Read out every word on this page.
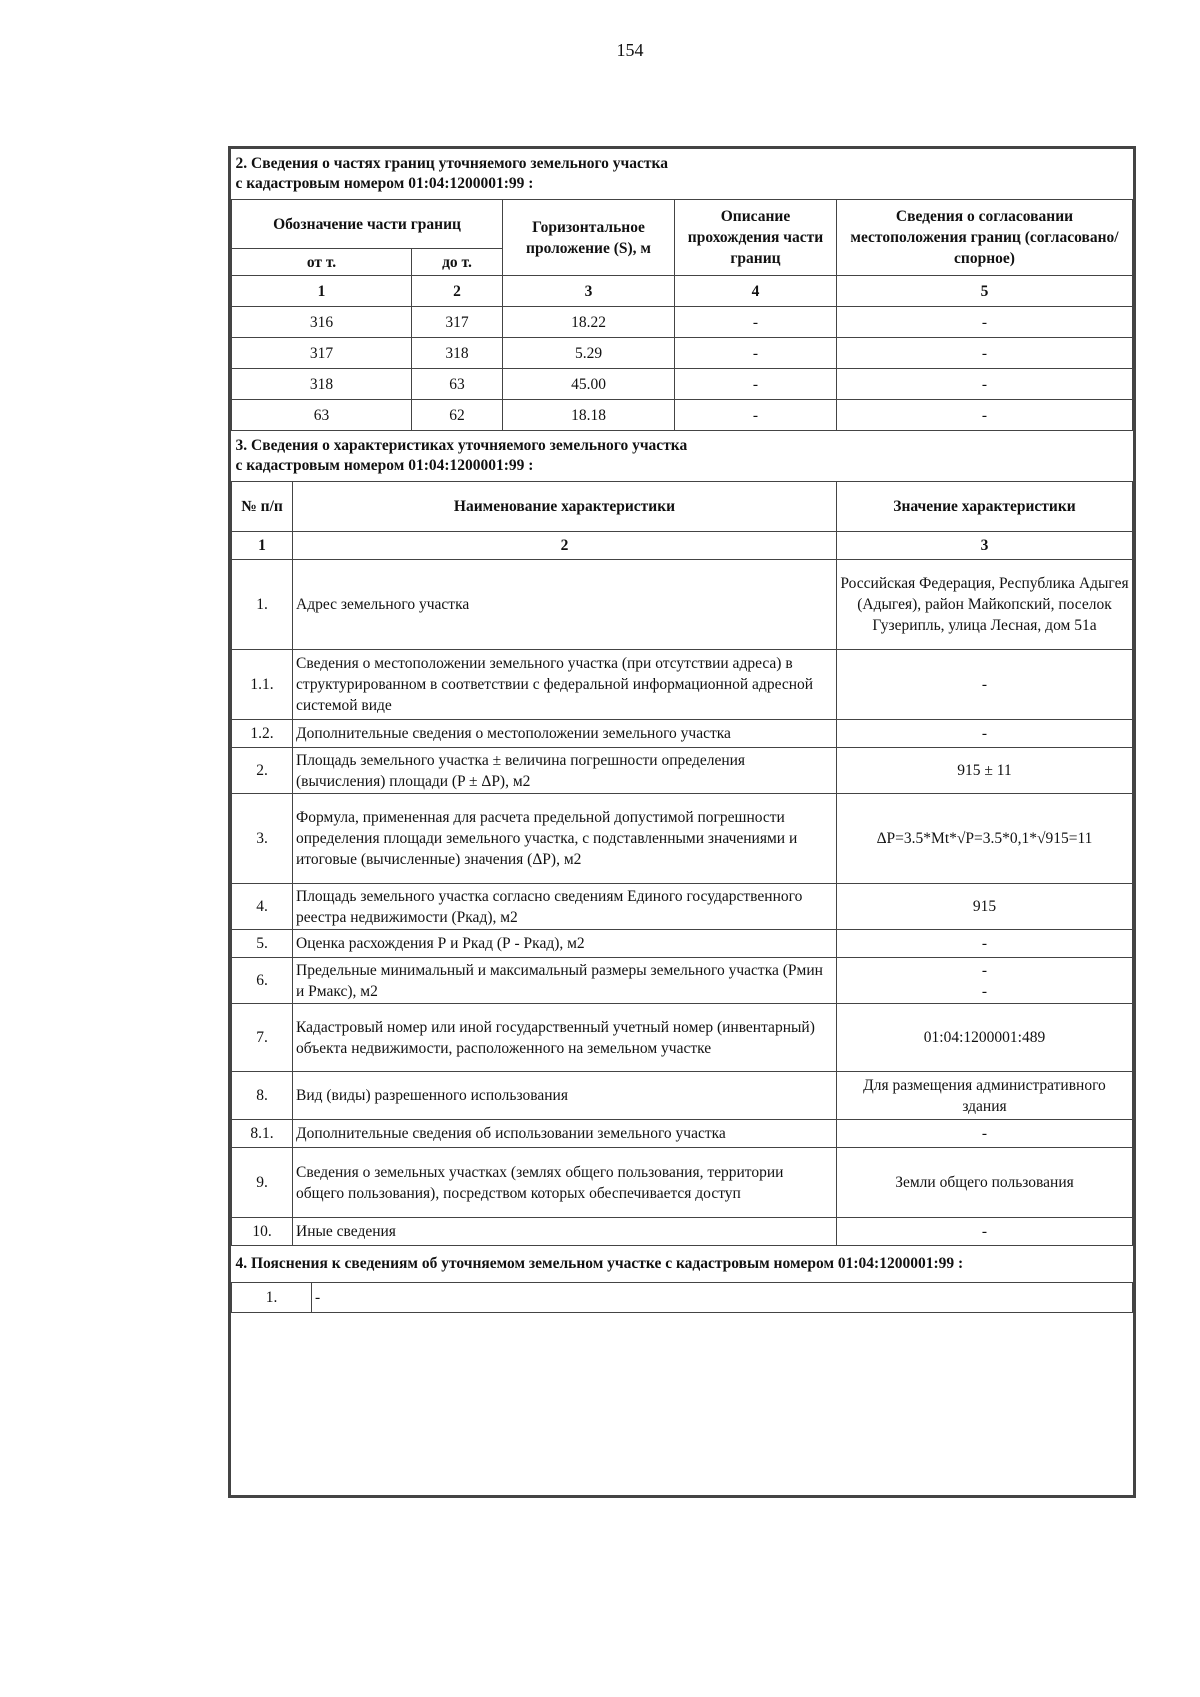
154
2. Сведения о частях границ уточняемого земельного участка
с кадастровым номером 01:04:1200001:99 :				

Обозначение части границ		Горизонтальное проложение (S), м	Описание прохождения части границ	Сведения о согласовании местоположения границ (согласовано/спорное)
от т.	до т.			
1	2	3	4	5
316	317	18.22	-	-
317	318	5.29	-	-
318	63	45.00	-	-
63	62	18.18	-	-
3. Сведения о характеристиках уточняемого земельного участка
с кадастровым номером 01:04:1200001:99 :		

№ п/п	Наименование характеристики	Значение характеристики
1	2	3
1.	Адрес земельного участка	Российская Федерация, Республика Адыгея (Адыгея), район Майкопский, поселок Гузерипль, улица Лесная, дом 51а
1.1.	Сведения о местоположении земельного участка (при отсутствии адреса) в структурированном в соответствии с федеральной информационной адресной системой виде	-
1.2.	Дополнительные сведения о местоположении земельного участка	-
2.	Площадь земельного участка ± величина погрешности определения (вычисления) площади (P ± ΔP), м2	915 ± 11
3.	Формула, примененная для расчета предельной допустимой погрешности определения площади земельного участка, с подставленными значениями и итоговые (вычисленные) значения (ΔP), м2	ΔP=3.5*Mt*√P=3.5*0,1*√915=11
4.	Площадь земельного участка согласно сведениям Единого государственного реестра недвижимости (Ркад), м2	915
5.	Оценка расхождения Р и Ркад (Р - Ркад), м2	-
6.	Предельные минимальный и максимальный размеры земельного участка (Рмин и Рмакс), м2	-
-

7.	Кадастровый номер или иной государственный учетный номер (инвентарный) объекта недвижимости, расположенного на земельном участке	01:04:1200001:489
8.	Вид (виды) разрешенного использования	Для размещения административного здания
8.1.	Дополнительные сведения об использовании земельного участка	-
9.	Сведения о земельных участках (землях общего пользования, территории общего пользования), посредством которых обеспечивается доступ	Земли общего пользования
10.	Иные сведения	-
4. Пояснения к сведениям об уточняемом земельном участке с кадастровым номером 01:04:1200001:99 :
1.	-
